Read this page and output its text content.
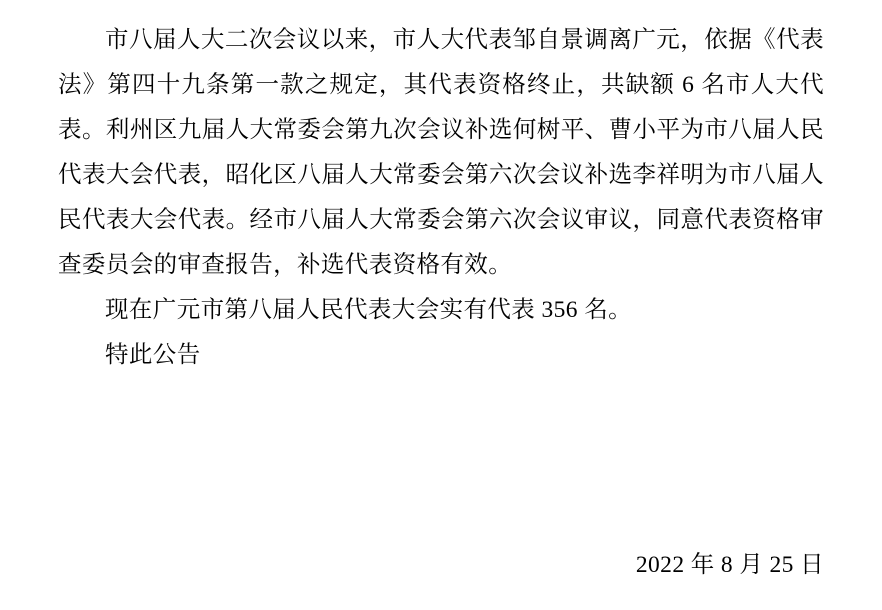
市八届人大二次会议以来，市人大代表邹自景调离广元，依据《代表法》第四十九条第一款之规定，其代表资格终止，共缺额 6 名市人大代表。利州区九届人大常委会第九次会议补选何树平、曹小平为市八届人民代表大会代表，昭化区八届人大常委会第六次会议补选李祥明为市八届人民代表大会代表。经市八届人大常委会第六次会议审议，同意代表资格审查委员会的审查报告，补选代表资格有效。

现在广元市第八届人民代表大会实有代表 356 名。

特此公告

2022 年 8 月 25 日
